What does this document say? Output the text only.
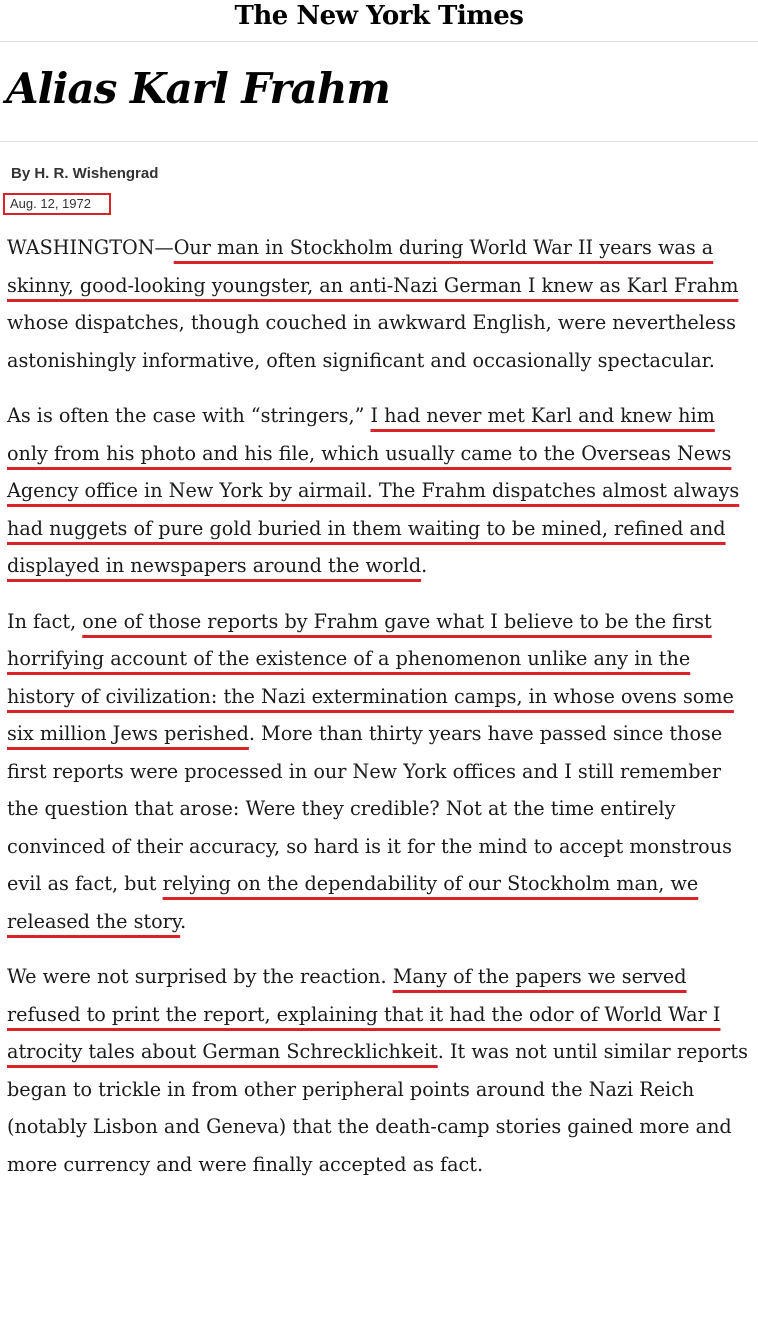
The New York Times
Alias Karl Frahm
By H. R. Wishengrad
Aug. 12, 1972

WASHINGTON—Our man in Stockholm during World War II years was a skinny, good-looking youngster, an anti-Nazi German I knew as Karl Frahm whose dispatches, though couched in awkward English, were nevertheless astonishingly informative, often significant and occasionally spectacular.

As is often the case with “stringers,” I had never met Karl and knew him only from his photo and his file, which usually came to the Overseas News Agency office in New York by airmail. The Frahm dispatches almost always had nuggets of pure gold buried in them waiting to be mined, refined and displayed in newspapers around the world.

In fact, one of those reports by Frahm gave what I believe to be the first horrifying account of the existence of a phenomenon unlike any in the history of civilization: the Nazi extermination camps, in whose ovens some six million Jews perished. More than thirty years have passed since those first reports were processed in our New York offices and I still remember the question that arose: Were they credible? Not at the time entirely convinced of their accuracy, so hard is it for the mind to accept monstrous evil as fact, but relying on the dependability of our Stockholm man, we released the story.

We were not surprised by the reaction. Many of the papers we served refused to print the report, explaining that it had the odor of World War I atrocity tales about German Schrecklichkeit. It was not until similar reports began to trickle in from other peripheral points around the Nazi Reich (notably Lisbon and Geneva) that the death-camp stories gained more and more currency and were finally accepted as fact.
